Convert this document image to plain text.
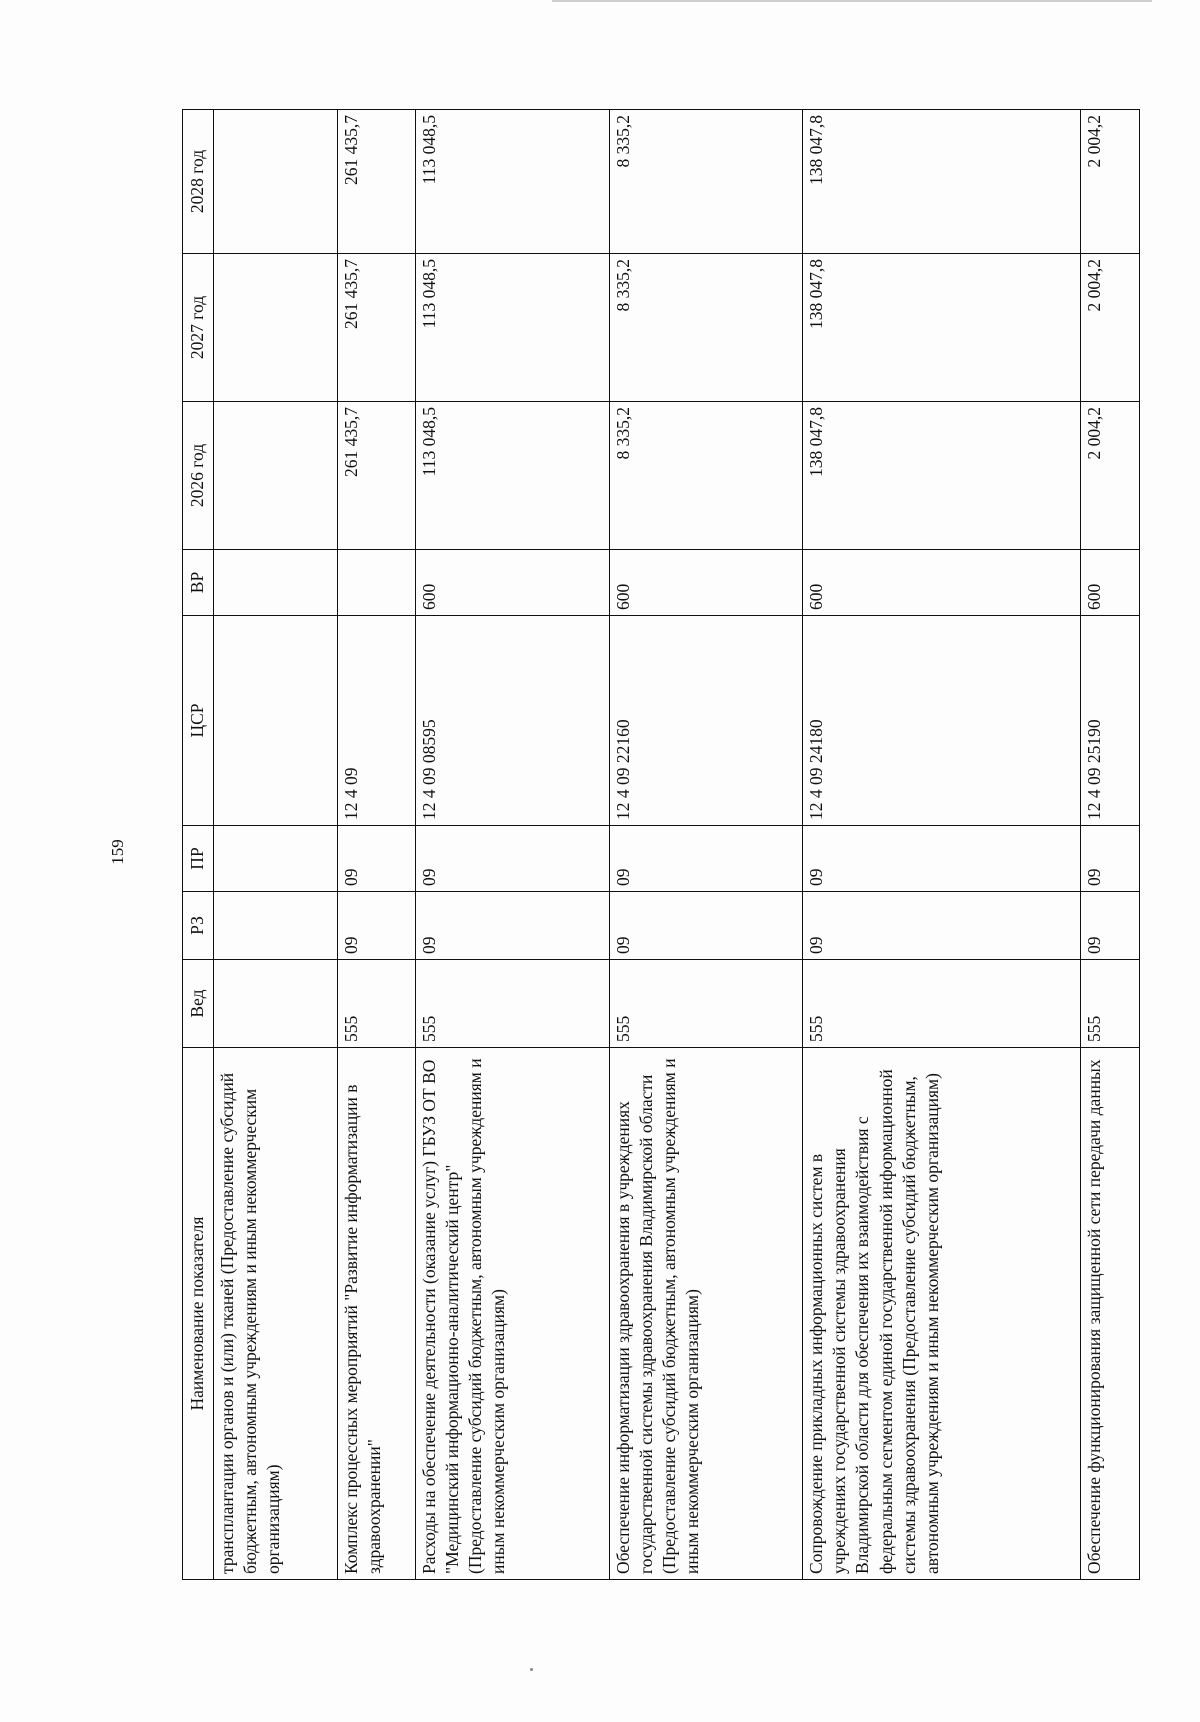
159
Наименование показателя	Вед	РЗ	ПР	ЦСР	ВР	2026 год	2027 год	2028 год
трансплантации органов и (или) тканей (Предоставление субсидий бюджетным, автономным учреждениям и иным некоммерческим организациям)								
Комплекс процессных мероприятий "Развитие информатизации в здравоохранении"	555	09	09	12 4 09		261 435,7	261 435,7	261 435,7
Расходы на обеспечение деятельности (оказание услуг) ГБУЗ ОТ ВО "Медицинский информационно-аналитический центр" (Предоставление субсидий бюджетным, автономным учреждениям и иным некоммерческим организациям)	555	09	09	12 4 09 08595	600	113 048,5	113 048,5	113 048,5
Обеспечение информатизации здравоохранения в учреждениях государственной системы здравоохранения Владимирской области (Предоставление субсидий бюджетным, автономным учреждениям и иным некоммерческим организациям)	555	09	09	12 4 09 22160	600	8 335,2	8 335,2	8 335,2
Сопровождение прикладных информационных систем в учреждениях государственной системы здравоохранения Владимирской области для обеспечения их взаимодействия с федеральным сегментом единой государственной информационной системы здравоохранения (Предоставление субсидий бюджетным, автономным учреждениям и иным некоммерческим организациям)	555	09	09	12 4 09 24180	600	138 047,8	138 047,8	138 047,8
Обеспечение функционирования защищенной сети передачи данных	555	09	09	12 4 09 25190	600	2 004,2	2 004,2	2 004,2
